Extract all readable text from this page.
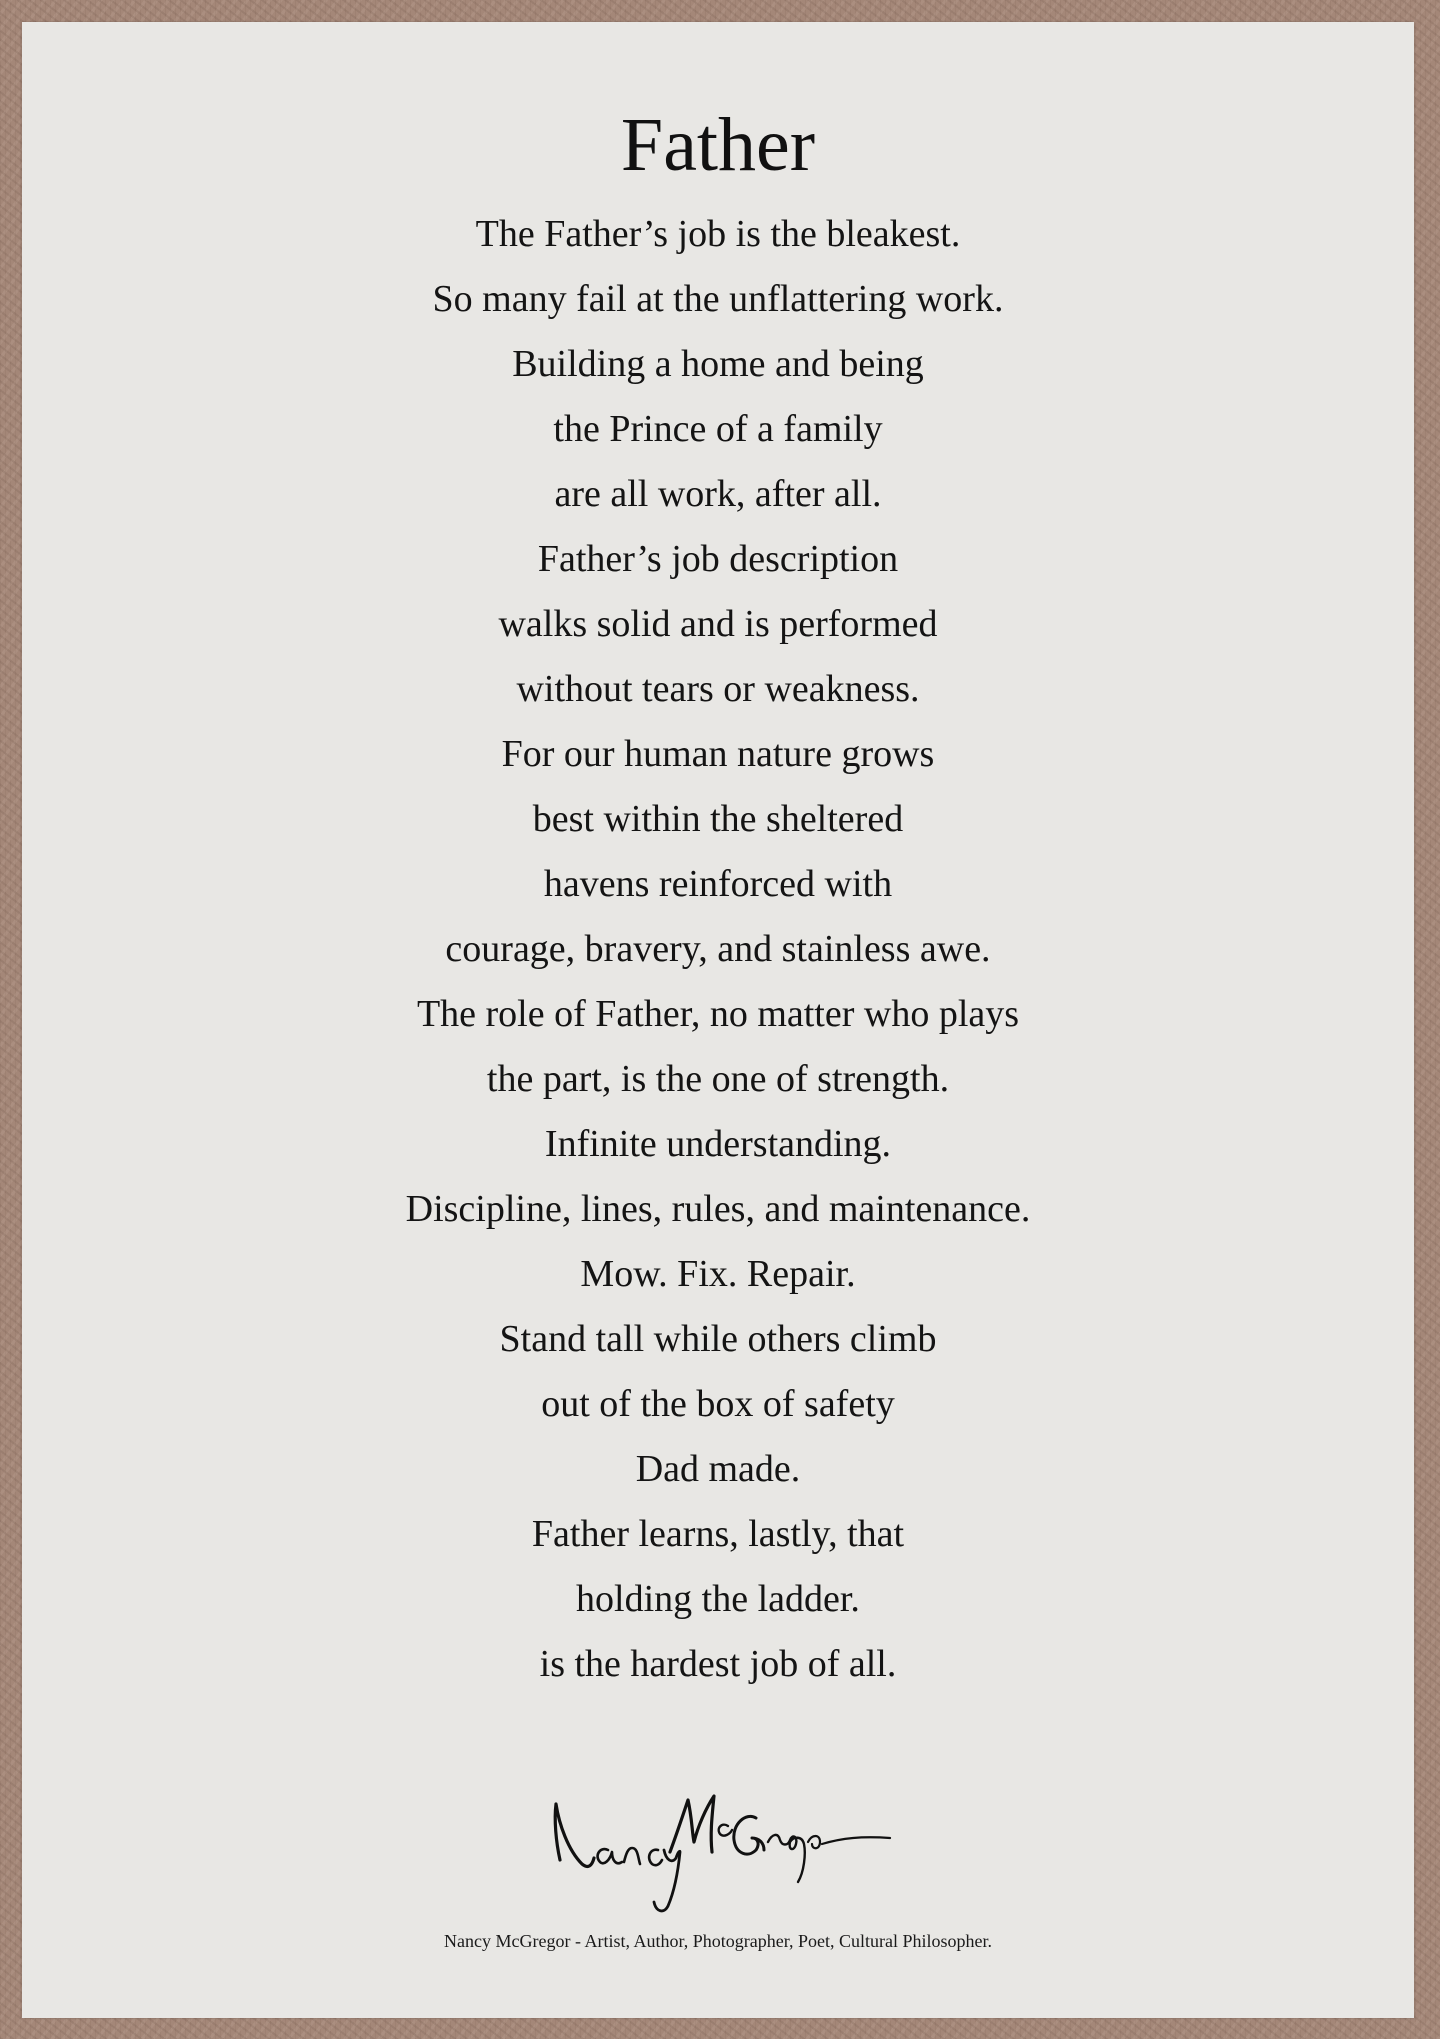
Father
The Father’s job is the bleakest.
So many fail at the unflattering work.
Building a home and being
the Prince of a family
are all work, after all.
Father’s job description
walks solid and is performed
without tears or weakness.
For our human nature grows
best within the sheltered
havens reinforced with
courage, bravery, and stainless awe.
The role of Father, no matter who plays
the part, is the one of strength.
Infinite understanding.
Discipline, lines, rules, and maintenance.
Mow. Fix. Repair.
Stand tall while others climb
out of the box of safety
Dad made.
Father learns, lastly, that
holding the ladder.
is the hardest job of all.
Nancy McGregor - Artist, Author, Photographer, Poet, Cultural Philosopher.
